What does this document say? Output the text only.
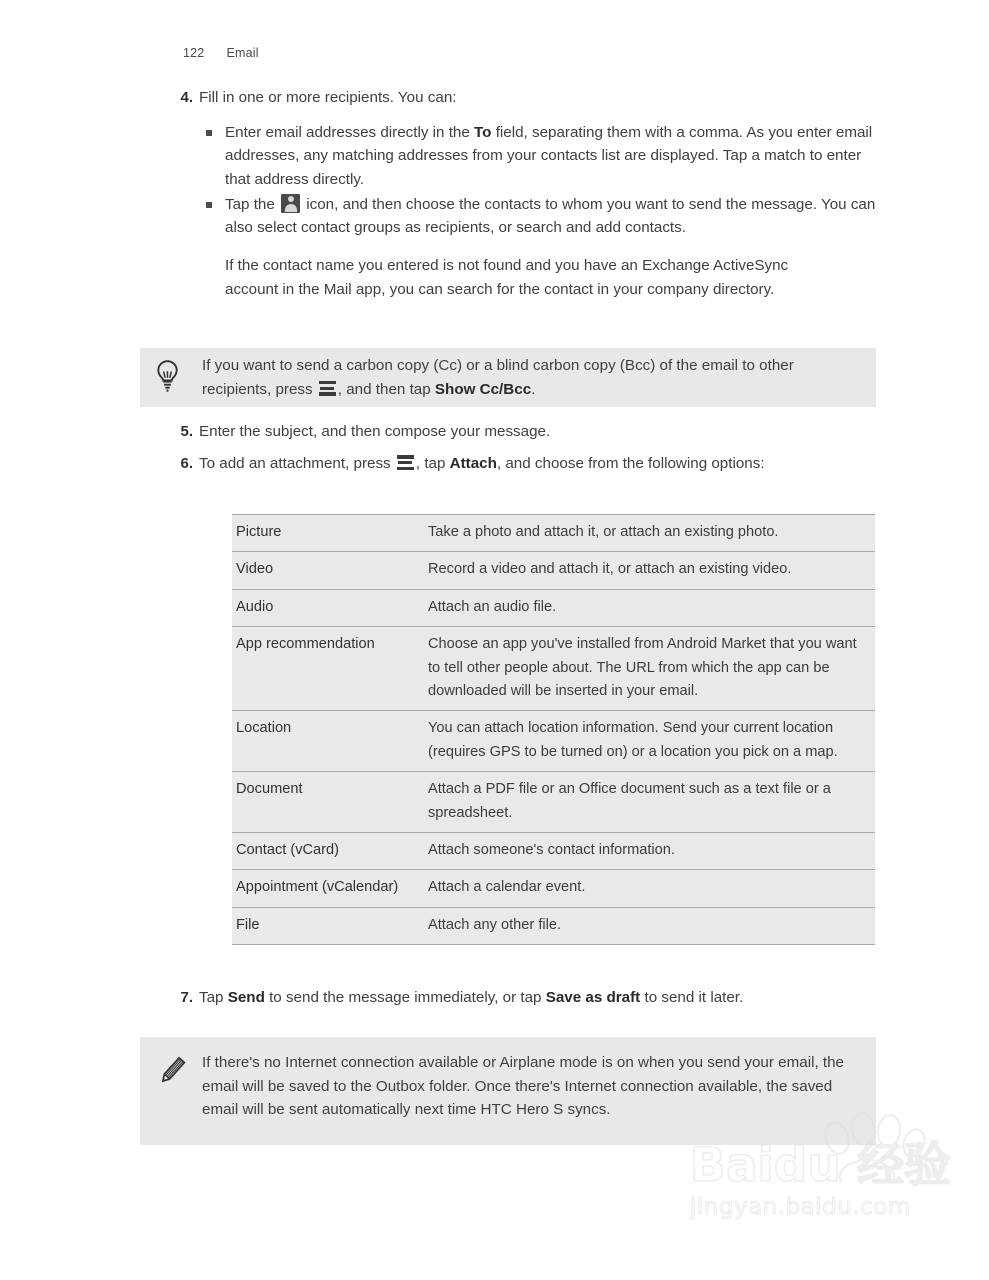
122 Email
4. Fill in one or more recipients. You can:
Enter email addresses directly in the To field, separating them with a comma. As you enter email addresses, any matching addresses from your contacts list are displayed. Tap a match to enter that address directly.
Tap the  icon, and then choose the contacts to whom you want to send the message. You can also select contact groups as recipients, or search and add contacts.
If the contact name you entered is not found and you have an Exchange ActiveSync account in the Mail app, you can search for the contact in your company directory.
If you want to send a carbon copy (Cc) or a blind carbon copy (Bcc) of the email to other recipients, press
, and then tap Show Cc/Bcc.
5. Enter the subject, and then compose your message.
6. To add an attachment, press
, tap Attach, and choose from the following options:
Picture	Take a photo and attach it, or attach an existing photo.
Video	Record a video and attach it, or attach an existing video.
Audio	Attach an audio file.
App recommendation	Choose an app you've installed from Android Market that you want to tell other people about. The URL from which the app can be downloaded will be inserted in your email.
Location	You can attach location information. Send your current location (requires GPS to be turned on) or a location you pick on a map.
Document	Attach a PDF file or an Office document such as a text file or a spreadsheet.
Contact (vCard)	Attach someone's contact information.
Appointment (vCalendar)	Attach a calendar event.
File	Attach any other file.
7. Tap Send to send the message immediately, or tap Save as draft to send it later.
If there's no Internet connection available or Airplane mode is on when you send your email, the email will be saved to the Outbox folder. Once there's Internet connection available, the saved email will be sent automatically next time HTC Hero S syncs.
Baidu 经验
jingyan.baidu.com
